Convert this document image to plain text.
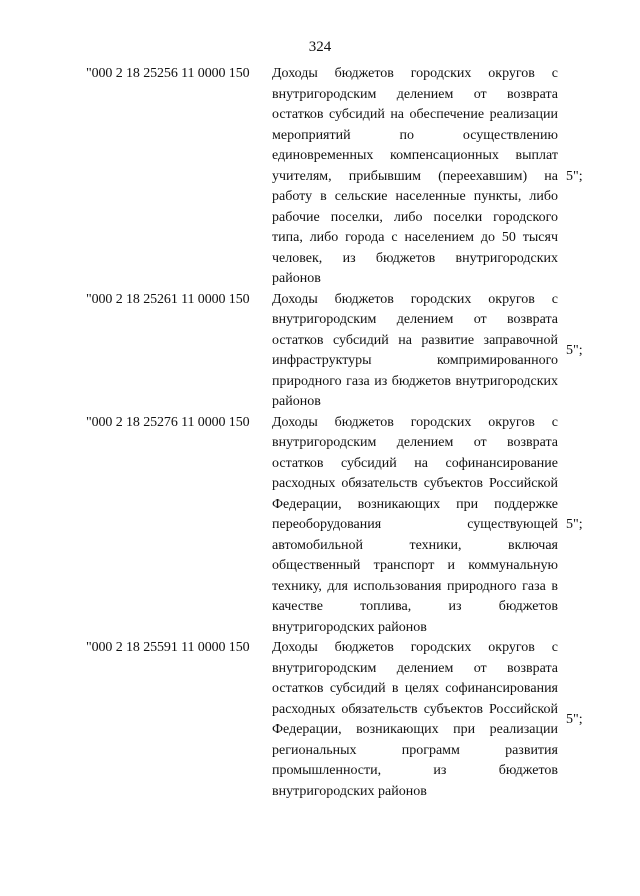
324
"000 2 18 25256 11 0000 150 Доходы бюджетов городских округов с внутригородским делением от возврата остатков субсидий на обеспечение реализации мероприятий по осуществлению единовременных компенсационных выплат учителям, прибывшим (переехавшим) на работу в сельские населенные пункты, либо рабочие поселки, либо поселки городского типа, либо города с населением до 50 тысяч человек, из бюджетов внутригородских районов
5";
"000 2 18 25261 11 0000 150 Доходы бюджетов городских округов с внутригородским делением от возврата остатков субсидий на развитие заправочной инфраструктуры компримированного природного газа из бюджетов внутригородских районов
5";
"000 2 18 25276 11 0000 150 Доходы бюджетов городских округов с внутригородским делением от возврата остатков субсидий на софинансирование расходных обязательств субъектов Российской Федерации, возникающих при поддержке переоборудования существующей автомобильной техники, включая общественный транспорт и коммунальную технику, для использования природного газа в качестве топлива, из бюджетов внутригородских районов
5";
"000 2 18 25591 11 0000 150 Доходы бюджетов городских округов с внутригородским делением от возврата остатков субсидий в целях софинансирования расходных обязательств субъектов Российской Федерации, возникающих при реализации региональных программ развития промышленности, из бюджетов внутригородских районов
5";
